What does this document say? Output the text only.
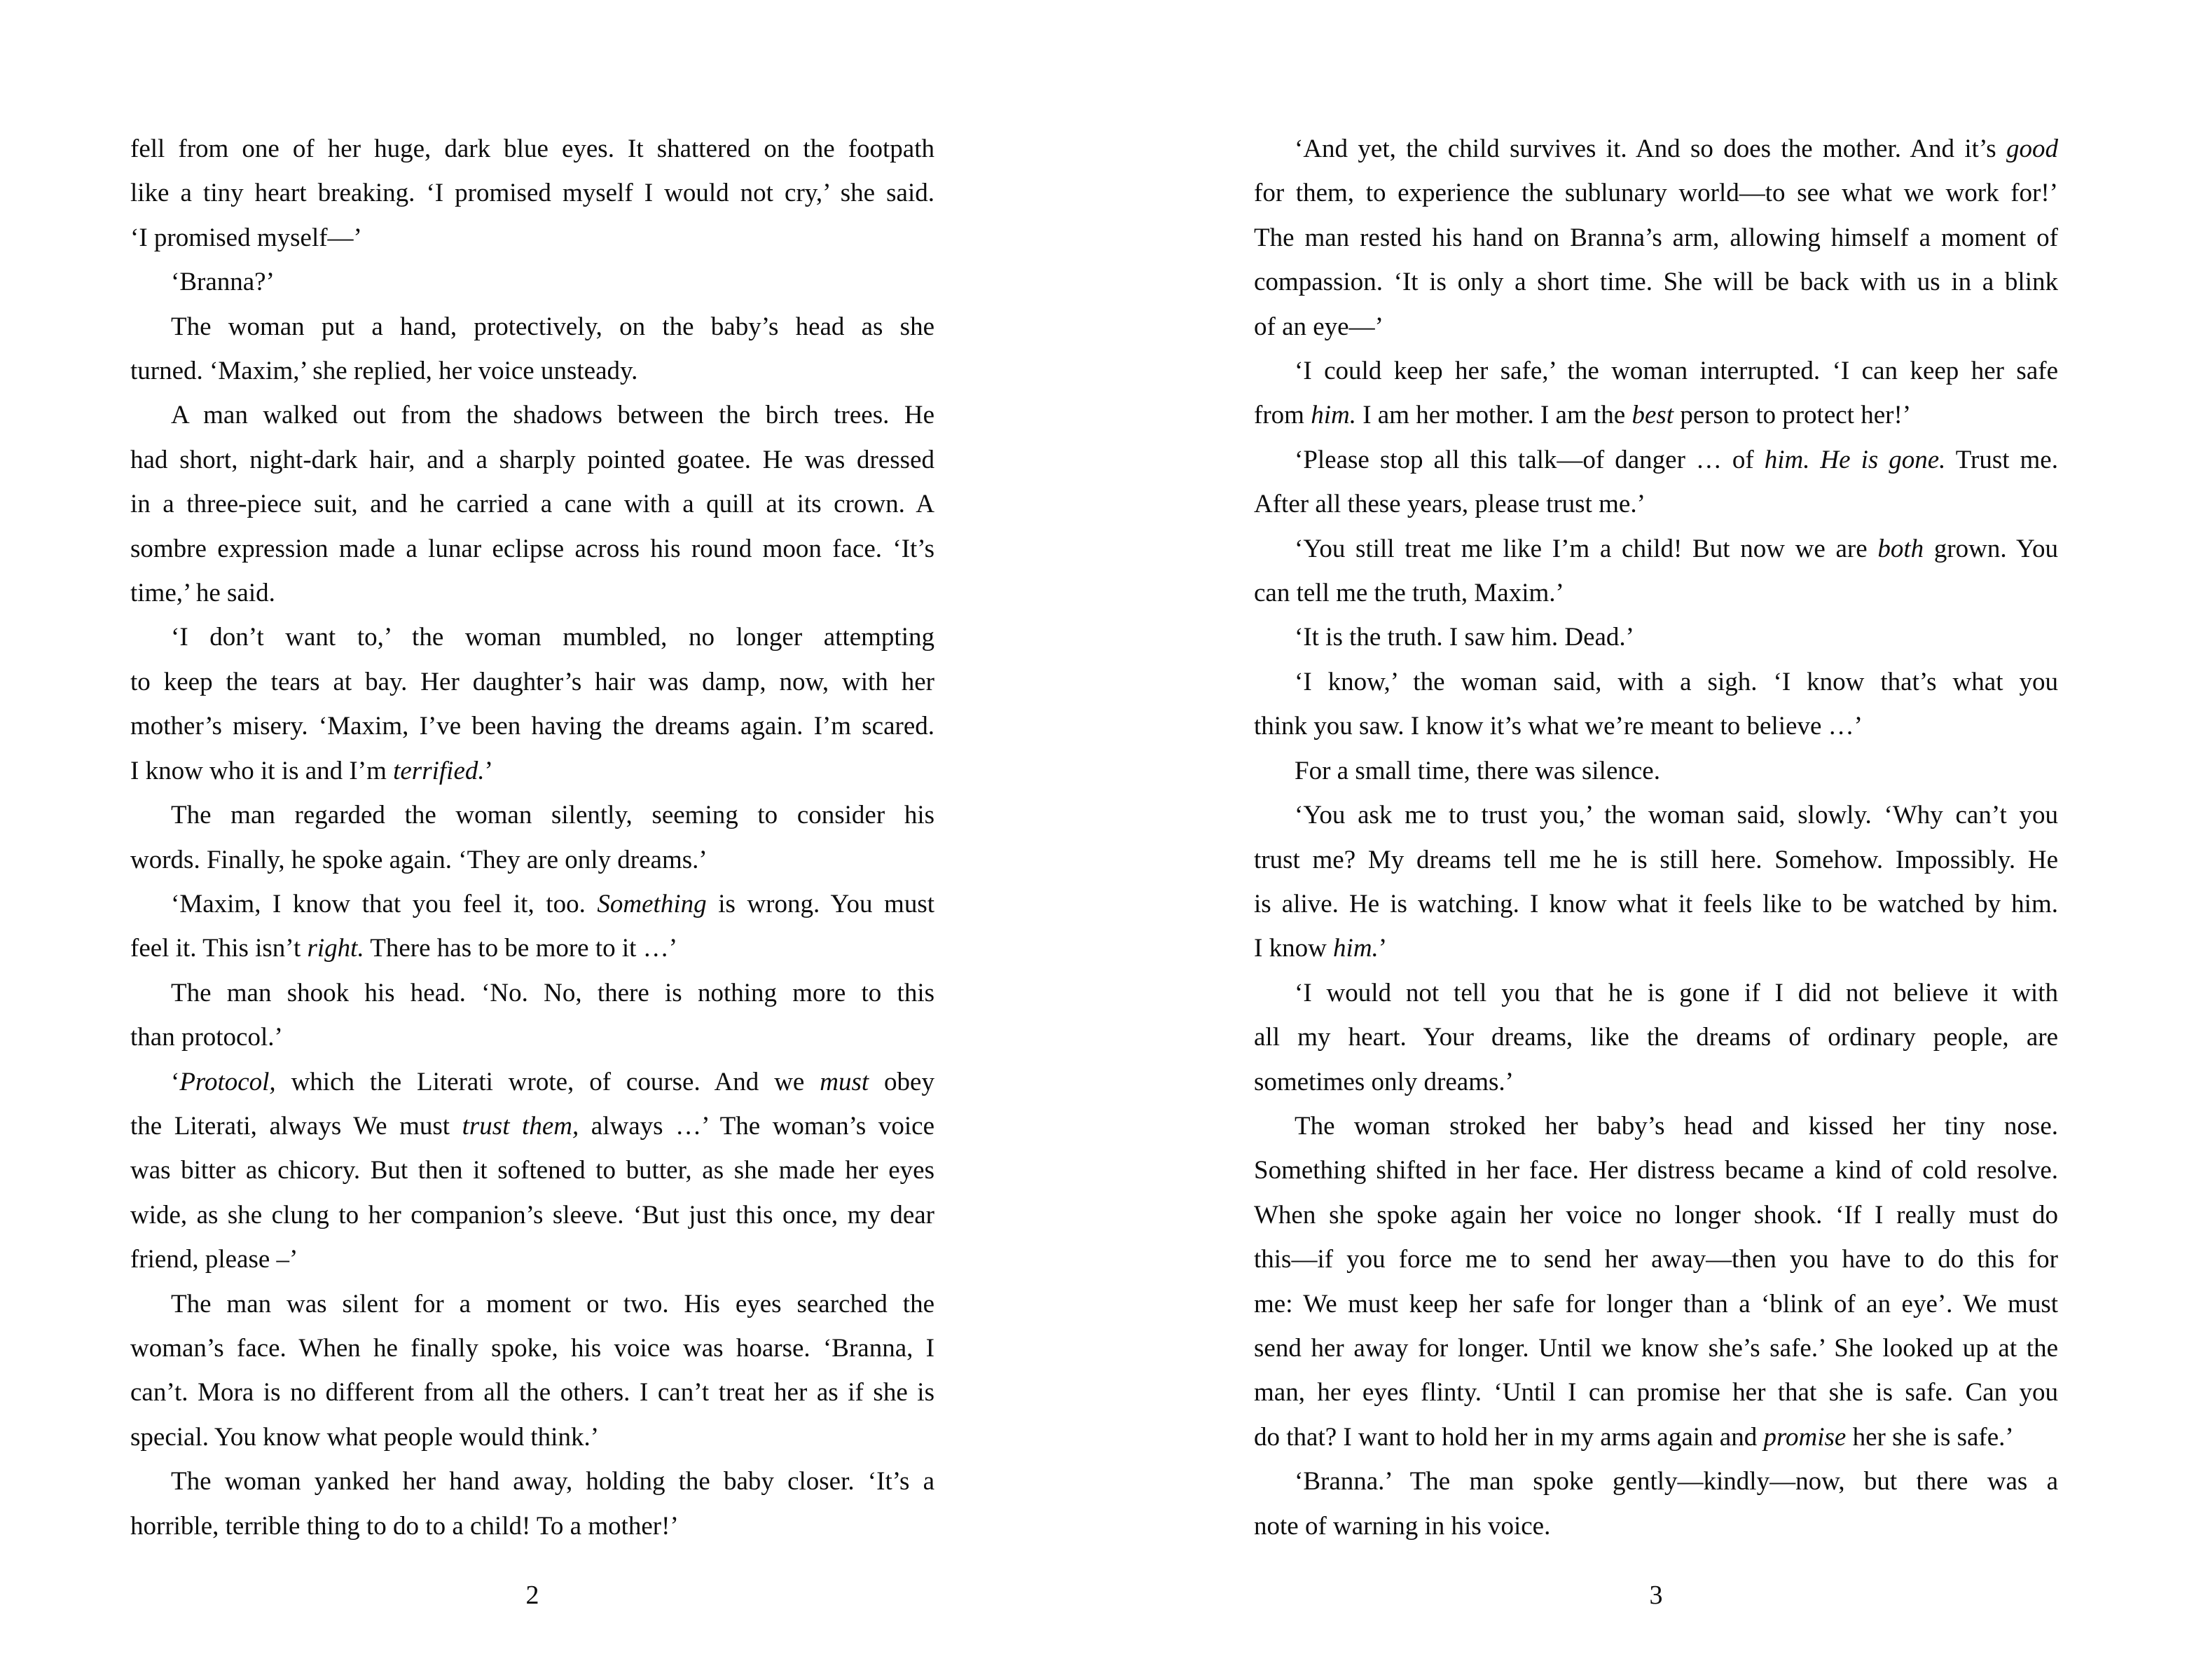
fell from one of her huge, dark blue eyes. It shattered on the footpath
like a tiny heart breaking. ‘I promised myself I would not cry,’ she said.
‘I promised myself—’
‘Branna?’
The woman put a hand, protectively, on the baby’s head as she
turned. ‘Maxim,’ she replied, her voice unsteady.
A man walked out from the shadows between the birch trees. He
had short, night-dark hair, and a sharply pointed goatee. He was dressed
in a three-piece suit, and he carried a cane with a quill at its crown. A
sombre expression made a lunar eclipse across his round moon face. ‘It’s
time,’ he said.
‘I don’t want to,’ the woman mumbled, no longer attempting
to keep the tears at bay. Her daughter’s hair was damp, now, with her
mother’s misery. ‘Maxim, I’ve been having the dreams again. I’m scared.
I know who it is and I’m terrified.’
The man regarded the woman silently, seeming to consider his
words. Finally, he spoke again. ‘They are only dreams.’
‘Maxim, I know that you feel it, too. Something is wrong. You must
feel it. This isn’t right. There has to be more to it …’
The man shook his head. ‘No. No, there is nothing more to this
than protocol.’
‘Protocol, which the Literati wrote, of course. And we must obey
the Literati, always We must trust them, always …’ The woman’s voice
was bitter as chicory. But then it softened to butter, as she made her eyes
wide, as she clung to her companion’s sleeve. ‘But just this once, my dear
friend, please –’
The man was silent for a moment or two. His eyes searched the
woman’s face. When he finally spoke, his voice was hoarse. ‘Branna, I
can’t. Mora is no different from all the others. I can’t treat her as if she is
special. You know what people would think.’
The woman yanked her hand away, holding the baby closer. ‘It’s a
horrible, terrible thing to do to a child! To a mother!’
2
‘And yet, the child survives it. And so does the mother. And it’s good
for them, to experience the sublunary world—to see what we work for!’
The man rested his hand on Branna’s arm, allowing himself a moment of
compassion. ‘It is only a short time. She will be back with us in a blink
of an eye—’
‘I could keep her safe,’ the woman interrupted. ‘I can keep her safe
from him. I am her mother. I am the best person to protect her!’
‘Please stop all this talk—of danger … of him. He is gone. Trust me.
After all these years, please trust me.’
‘You still treat me like I’m a child! But now we are both grown. You
can tell me the truth, Maxim.’
‘It is the truth. I saw him. Dead.’
‘I know,’ the woman said, with a sigh. ‘I know that’s what you
think you saw. I know it’s what we’re meant to believe …’
For a small time, there was silence.
‘You ask me to trust you,’ the woman said, slowly. ‘Why can’t you
trust me? My dreams tell me he is still here. Somehow. Impossibly. He
is alive. He is watching. I know what it feels like to be watched by him.
I know him.’
‘I would not tell you that he is gone if I did not believe it with
all my heart. Your dreams, like the dreams of ordinary people, are
sometimes only dreams.’
The woman stroked her baby’s head and kissed her tiny nose.
Something shifted in her face. Her distress became a kind of cold resolve.
When she spoke again her voice no longer shook. ‘If I really must do
this—if you force me to send her away—then you have to do this for
me: We must keep her safe for longer than a ‘blink of an eye’. We must
send her away for longer. Until we know she’s safe.’ She looked up at the
man, her eyes flinty. ‘Until I can promise her that she is safe. Can you
do that? I want to hold her in my arms again and promise her she is safe.’
‘Branna.’ The man spoke gently—kindly—now, but there was a
note of warning in his voice.
3
